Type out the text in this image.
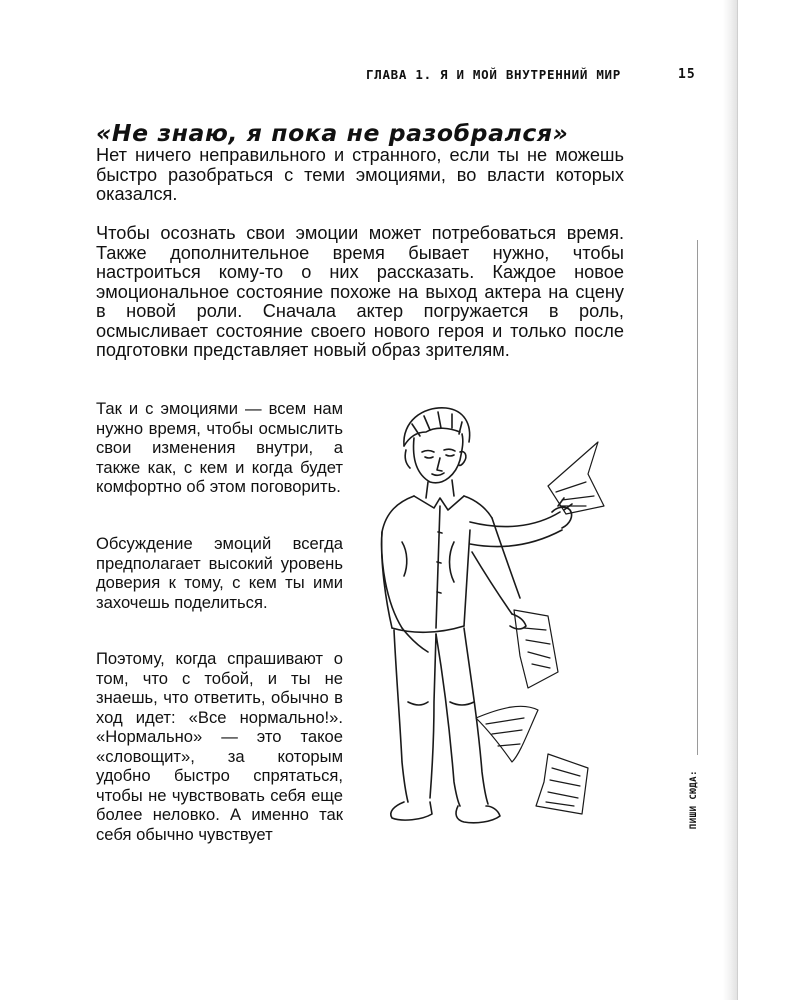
ГЛАВА 1. Я И МОЙ ВНУТРЕННИЙ МИР	15
«Не знаю, я пока не разобрался»

Нет ничего неправильного и странного, если ты не можешь быстро разобраться с теми эмоциями, во власти которых оказался.

Чтобы осознать свои эмоции может потребоваться время. Также дополнительное время бывает нужно, чтобы настроиться кому-то о них рассказать. Каждое новое эмоциональное состояние похоже на выход актера на сцену в новой роли. Сначала актер погружается в роль, осмысливает состояние своего нового героя и только после подготовки представляет новый образ зрителям.

Так и с эмоциями — всем нам нужно время, чтобы осмыслить свои изменения внутри, а также как, с кем и когда будет комфортно об этом поговорить.

Обсуждение эмоций всегда предполагает высокий уровень доверия к тому, с кем ты ими захочешь поделиться.

Поэтому, когда спрашивают о том, что с тобой, и ты не знаешь, что ответить, обычно в ход идет: «Все нормально!». «Нормально» — это такое «словощит», за которым удобно быстро спрятаться, чтобы не чувствовать себя еще более неловко. А именно так себя обычно чувствует

ПИШИ СЮДА:
